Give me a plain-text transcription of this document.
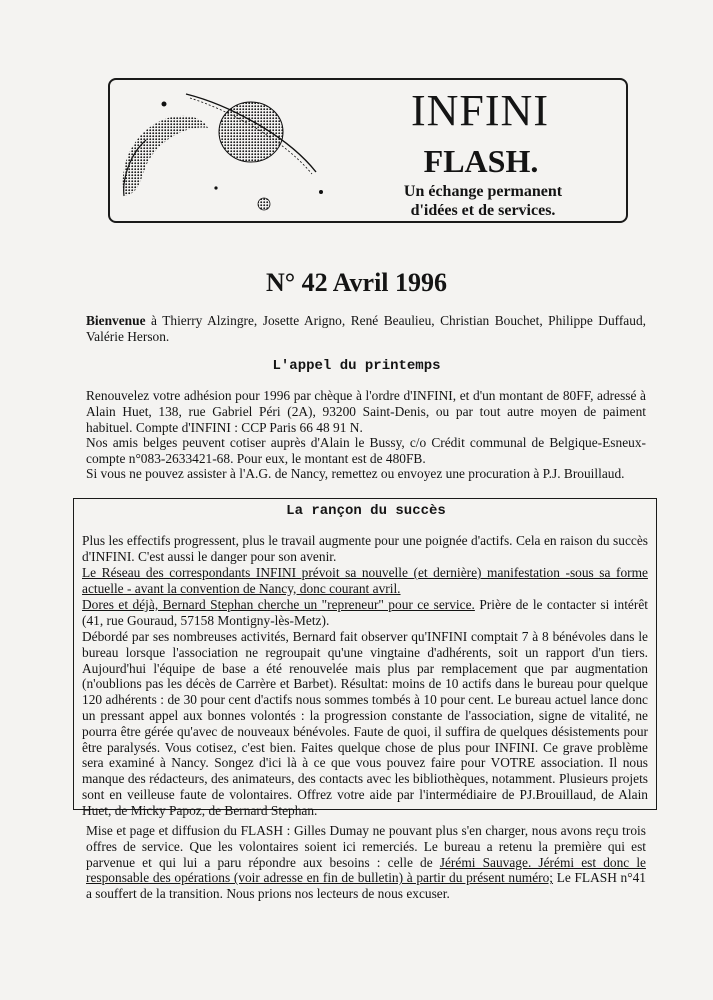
INFINI
FLASH.
Un échange permanent
d'idées et de services.
N° 42 Avril 1996
Bienvenue à Thierry Alzingre, Josette Arigno, René Beaulieu, Christian Bouchet, Philippe Duffaud, Valérie Herson.
L'appel du printemps
Renouvelez votre adhésion pour 1996 par chèque à l'ordre d'INFINI, et d'un montant de 80FF, adressé à Alain Huet, 138, rue Gabriel Péri (2A), 93200 Saint-Denis, ou par tout autre moyen de paiment habituel. Compte d'INFINI : CCP Paris 66 48 91 N.
Nos amis belges peuvent cotiser auprès d'Alain le Bussy, c/o Crédit communal de Belgique-Esneux-compte n°083-2633421-68. Pour eux, le montant est de 480FB.
Si vous ne pouvez assister à l'A.G. de Nancy, remettez ou envoyez une procuration à P.J. Brouillaud.
La rançon du succès
Plus les effectifs progressent, plus le travail augmente pour une poignée d'actifs. Cela en raison du succès d'INFINI. C'est aussi le danger pour son avenir.
Le Réseau des correspondants INFINI prévoit sa nouvelle (et dernière) manifestation -sous sa forme actuelle - avant la convention de Nancy, donc courant avril.
Dores et déjà, Bernard Stephan cherche un "repreneur" pour ce service. Prière de le contacter si intérêt (41, rue Gouraud, 57158 Montigny-lès-Metz).
Débordé par ses nombreuses activités, Bernard fait observer qu'INFINI comptait 7 à 8 bénévoles dans le bureau lorsque l'association ne regroupait qu'une vingtaine d'adhérents, soit un rapport d'un tiers. Aujourd'hui l'équipe de base a été renouvelée mais plus par remplacement que par augmentation (n'oublions pas les décès de Carrère et Barbet). Résultat: moins de 10 actifs dans le bureau pour quelque 120 adhérents : de 30 pour cent d'actifs nous sommes tombés à 10 pour cent. Le bureau actuel lance donc un pressant appel aux bonnes volontés : la progression constante de l'association, signe de vitalité, ne pourra être gérée qu'avec de nouveaux bénévoles. Faute de quoi, il suffira de quelques désistements pour être paralysés. Vous cotisez, c'est bien. Faites quelque chose de plus pour INFINI. Ce grave problème sera examiné à Nancy. Songez d'ici là à ce que vous pouvez faire pour VOTRE association. Il nous manque des rédacteurs, des animateurs, des contacts avec les bibliothèques, notamment. Plusieurs projets sont en veilleuse faute de volontaires. Offrez votre aide par l'intermédiaire de PJ.Brouillaud, de Alain Huet, de Micky Papoz, de Bernard Stephan.
Mise et page et diffusion du FLASH : Gilles Dumay ne pouvant plus s'en charger, nous avons reçu trois offres de service. Que les volontaires soient ici remerciés. Le bureau a retenu la première qui est parvenue et qui lui a paru répondre aux besoins : celle de Jérémi Sauvage. Jérémi est donc le responsable des opérations (voir adresse en fin de bulletin) à partir du présent numéro; Le FLASH n°41 a souffert de la transition. Nous prions nos lecteurs de nous excuser.
